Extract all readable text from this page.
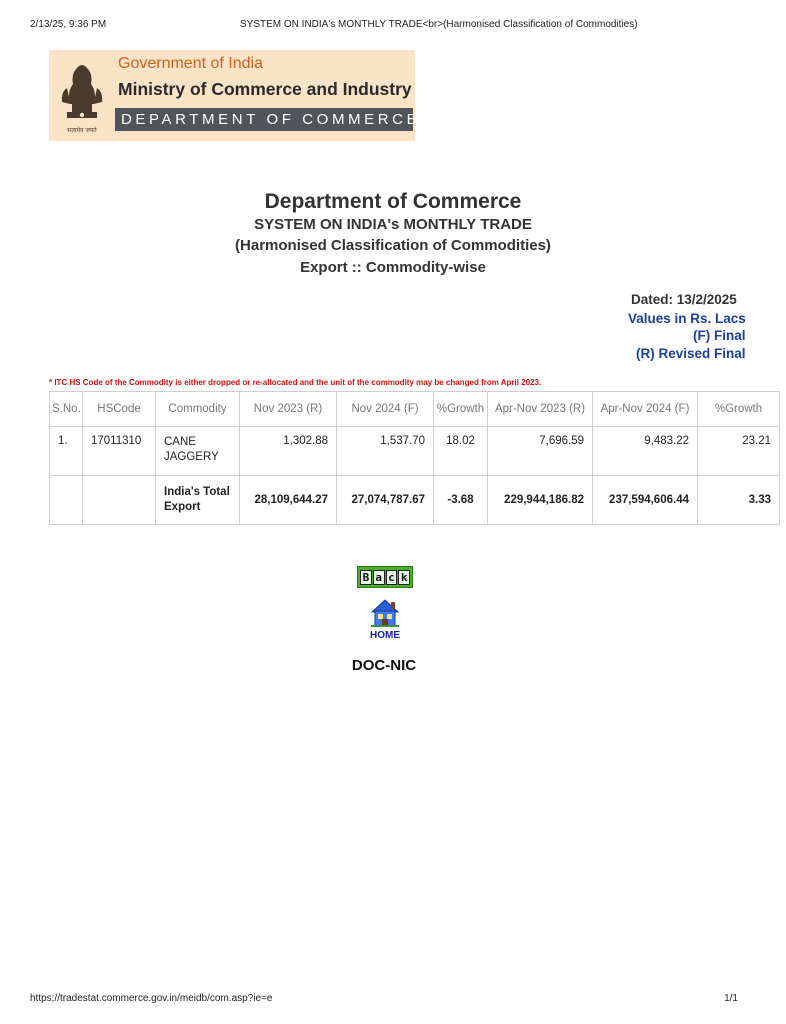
2/13/25, 9:36 PM	SYSTEM ON INDIA's MONTHLY TRADE<br>(Harmonised Classification of Commodities)
सत्यमेव जयते
Government of India
Ministry of Commerce and Industry
DEPARTMENT OF COMMERCE
Department of Commerce
SYSTEM ON INDIA's MONTHLY TRADE
(Harmonised Classification of Commodities)
Export :: Commodity-wise
Dated: 13/2/2025
Values in Rs. Lacs
(F) Final
(R) Revised Final
* ITC HS Code of the Commodity is either dropped or re-allocated and the unit of the commodity may be changed from April 2023.
S.No.	HSCode	Commodity	Nov 2023 (R)	Nov 2024 (F)	%Growth	Apr-Nov 2023 (R)	Apr-Nov 2024 (F)	%Growth
1.	17011310	CANE JAGGERY	1,302.88	1,537.70	18.02	7,696.59	9,483.22	23.21
		India's Total Export	28,109,644.27	27,074,787.67	-3.68	229,944,186.82	237,594,606.44	3.33
B a c k
HOME
DOC-NIC
https://tradestat.commerce.gov.in/meidb/com.asp?ie=e	1/1
